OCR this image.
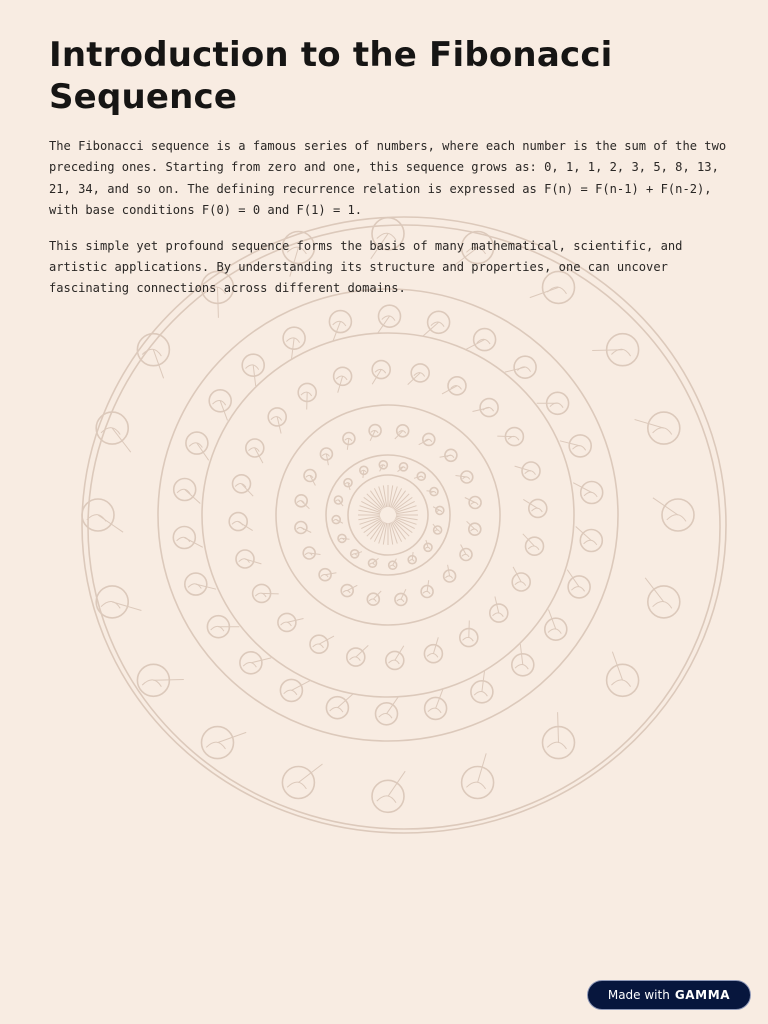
Introduction to the Fibonacci Sequence

The Fibonacci sequence is a famous series of numbers, where each number is the sum of the two preceding ones. Starting from zero and one, this sequence grows as: 0, 1, 1, 2, 3, 5, 8, 13, 21, 34, and so on. The defining recurrence relation is expressed as F(n) = F(n-1) + F(n-2), with base conditions F(0) = 0 and F(1) = 1.

This simple yet profound sequence forms the basis of many mathematical, scientific, and artistic applications. By understanding its structure and properties, one can uncover fascinating connections across different domains.

Made with GAMMA
